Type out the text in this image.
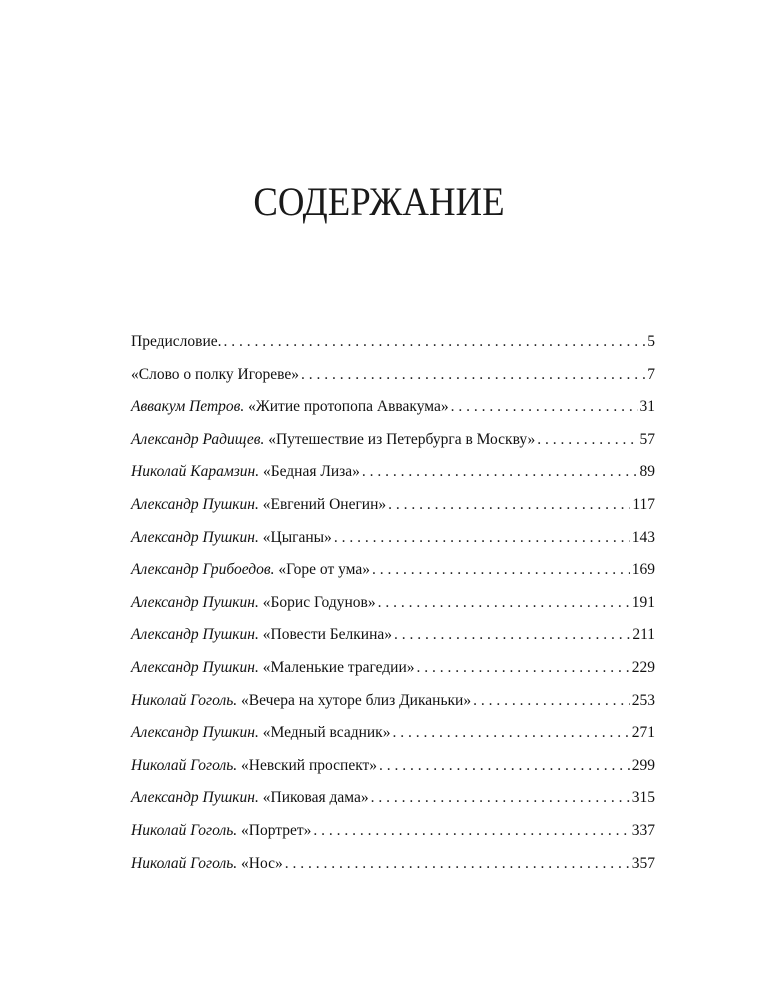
СОДЕРЖАНИЕ
Предисловие. . . .	5
«Слово о полку Игореве» . . .	7
Аввакум Петров. «Житие протопопа Аввакума» . . .	31
Александр Радищев. «Путешествие из Петербурга в Москву» . . .	57
Николай Карамзин. «Бедная Лиза» . . .	89
Александр Пушкин. «Евгений Онегин» . . .	117
Александр Пушкин. «Цыганы» . . .	143
Александр Грибоедов. «Горе от ума» . . .	169
Александр Пушкин. «Борис Годунов» . . .	191
Александр Пушкин. «Повести Белкина» . . .	211
Александр Пушкин. «Маленькие трагедии» . . .	229
Николай Гоголь. «Вечера на хуторе близ Диканьки» . . .	253
Александр Пушкин. «Медный всадник» . . .	271
Николай Гоголь. «Невский проспект» . . .	299
Александр Пушкин. «Пиковая дама» . . .	315
Николай Гоголь. «Портрет» . . .	337
Николай Гоголь. «Нос» . . .	357
